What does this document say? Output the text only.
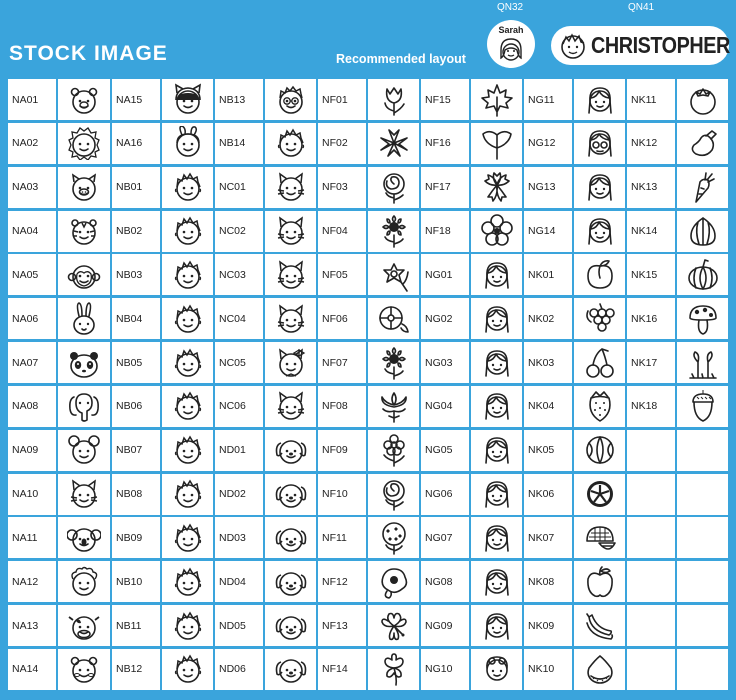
STOCK IMAGE	Recommended layout
QN32	QN41
Sarah
CHRISTOPHER
NA01	NA15	NB13	NF01	NF15	NG11	NK11
NA02	NA16	NB14	NF02	NF16	NG12	NK12
NA03	NB01	NC01	NF03	NF17	NG13	NK13
NA04	NB02	NC02	NF04	NF18	NG14	NK14
NA05	NB03	NC03	NF05	NG01	NK01	NK15
NA06	NB04	NC04	NF06	NG02	NK02	NK16
NA07	NB05	NC05	NF07	NG03	NK03	NK17
NA08	NB06	NC06	NF08	NG04	NK04	NK18
NA09	NB07	ND01	NF09	NG05	NK05
NA10	NB08	ND02	NF10	NG06	NK06
NA11	NB09	ND03	NF11	NG07	NK07
NA12	NB10	ND04	NF12	NG08	NK08
NA13	NB11	ND05	NF13	NG09	NK09
NA14	NB12	ND06	NF14	NG10	NK10
